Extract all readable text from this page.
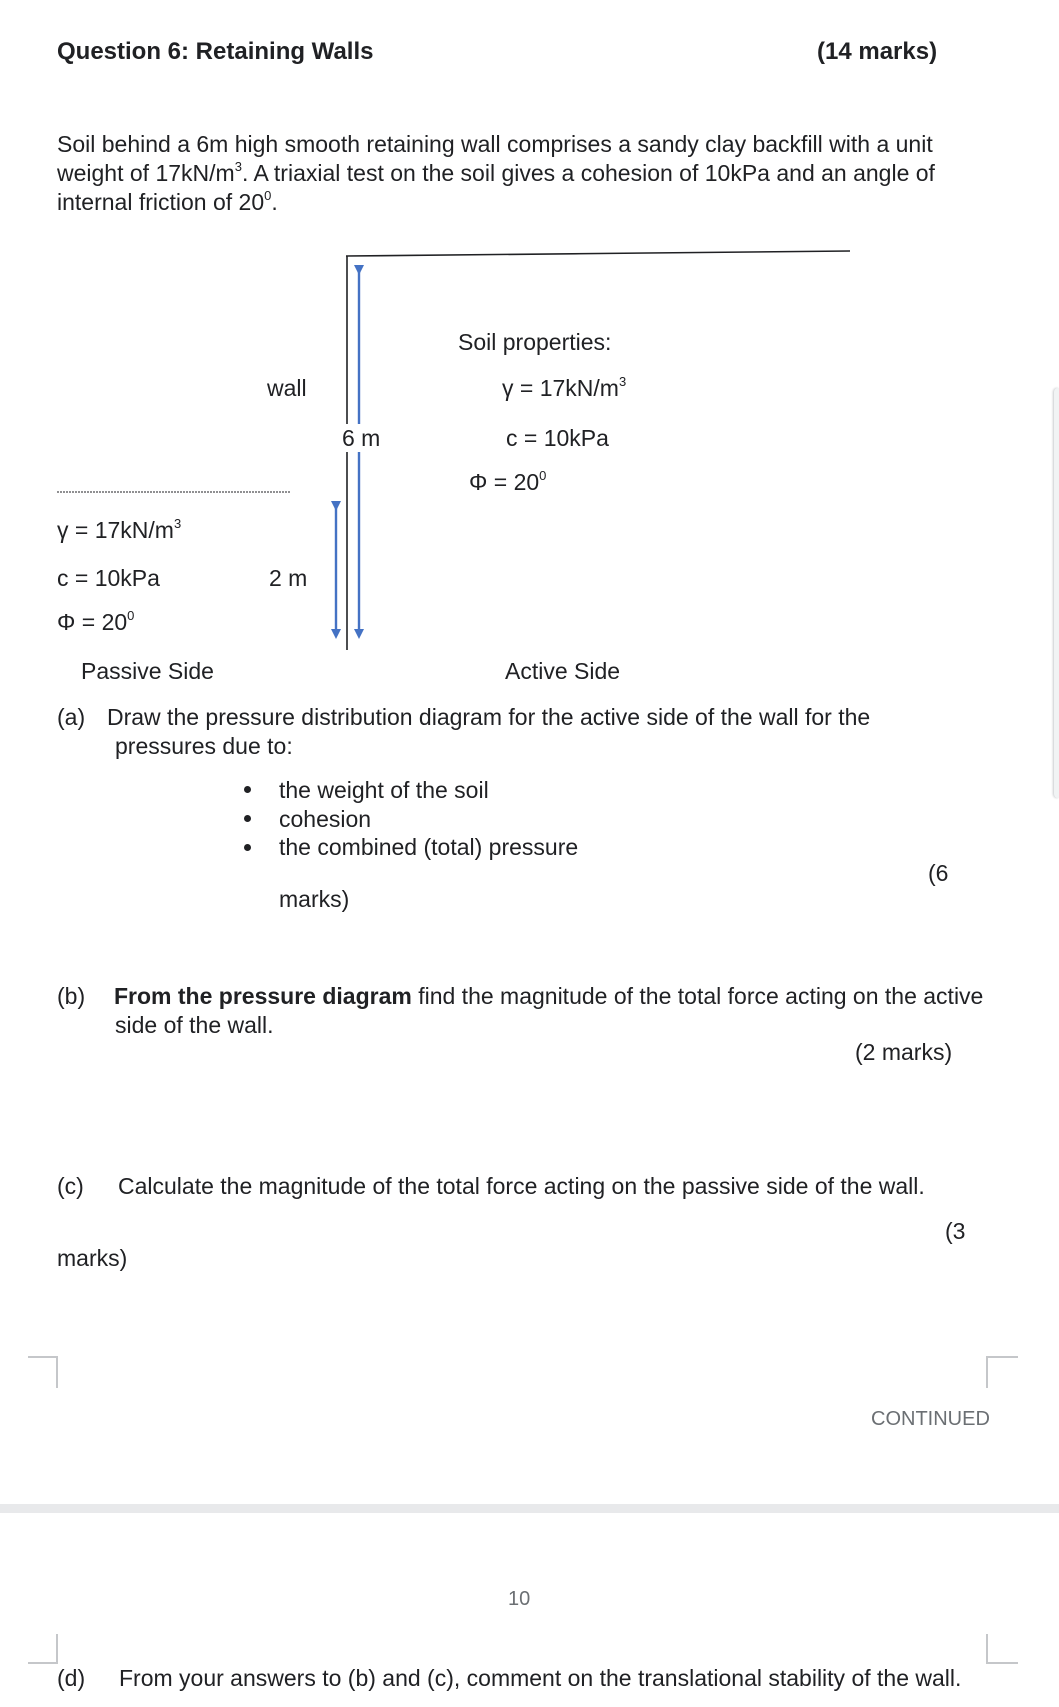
Question 6: Retaining Walls	(14 marks)
Soil behind a 6m high smooth retaining wall comprises a sandy clay backfill with a unit
weight of $17kN/m^3$. A triaxial test on the soil gives a cohesion of 10kPa and an angle of
internal friction of $20^0$.
wall
6 m
2 m
Soil properties:
$\gamma = 17kN/m^3$
c = 10kPa
$\Phi = 20^0$
$\gamma = 17kN/m^3$
c = 10kPa
$\Phi = 20^0$
Passive Side	Active Side
(a) Draw the pressure distribution diagram for the active side of the wall for the
pressures due to:
the weight of the soil
cohesion
the combined (total) pressure
(6
marks)
(b) From the pressure diagram find the magnitude of the total force acting on the active
side of the wall.
(2 marks)
(c) Calculate the magnitude of the total force acting on the passive side of the wall.
(3
marks)
CONTINUED
10
(d) From your answers to (b) and (c), comment on the translational stability of the wall.
